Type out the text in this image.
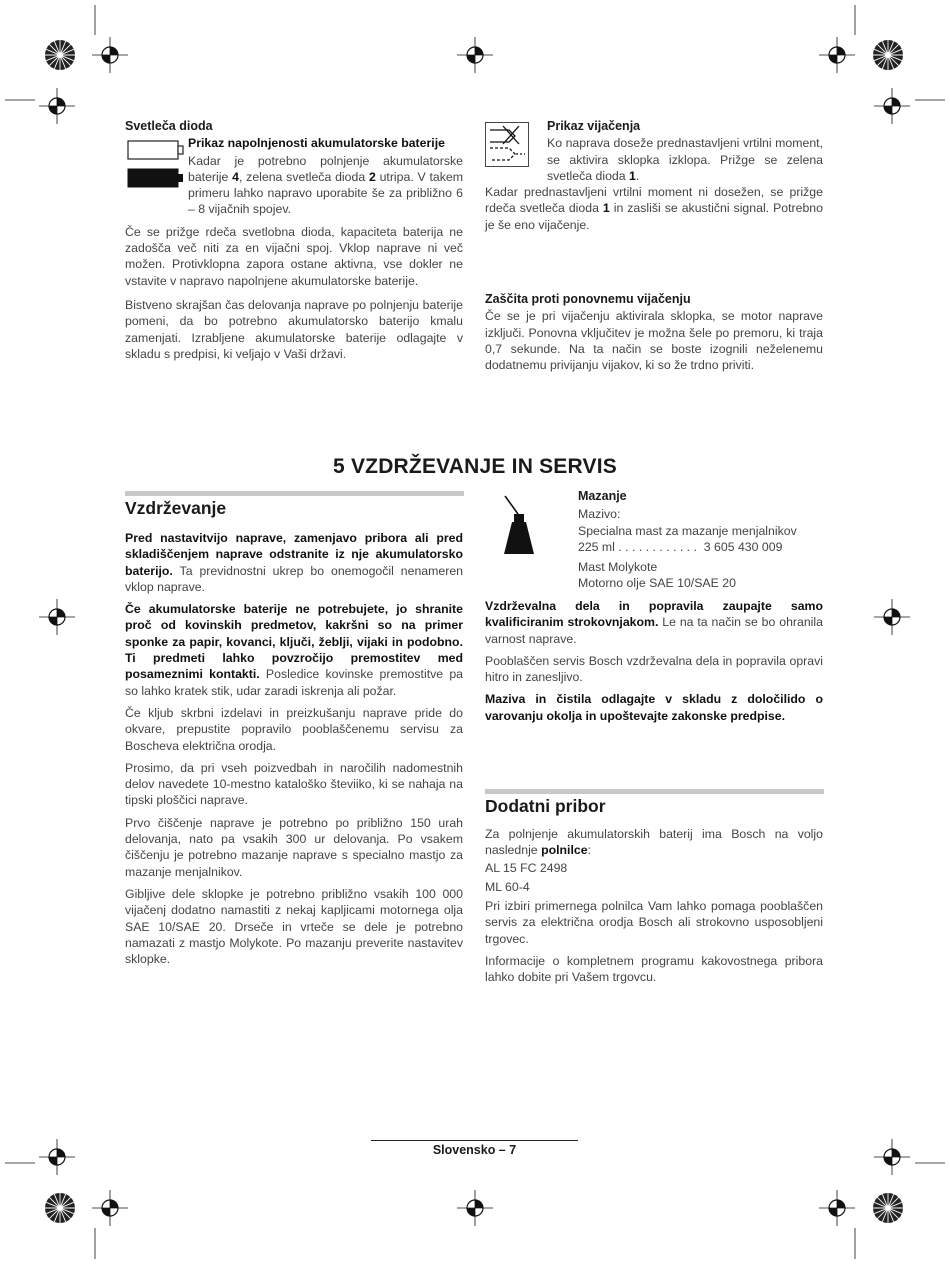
Svetleča dioda
Prikaz napolnjenosti akumulatorske baterije

Kadar je potrebno polnjenje akumulatorske baterije 4, zelena svetleča dioda 2 utripa. V takem primeru lahko napravo uporabite še za približno 6 – 8 vijačnih spojev.

Če se prižge rdeča svetlobna dioda, kapaciteta baterija ne zadošča več niti za en vijačni spoj. Vklop naprave ni več možen. Protivklopna zapora ostane aktivna, vse dokler ne vstavite v napravo napolnjene akumulatorske baterije.

Bistveno skrajšan čas delovanja naprave po polnjenju baterije pomeni, da bo potrebno akumulatorsko baterijo kmalu zamenjati. Izrabljene akumulatorske baterije odlagajte v skladu s predpisi, ki veljajo v Vaši državi.

Prikaz vijačenja

Ko naprava doseže prednastavljeni vrtilni moment, se aktivira sklopka izklopa. Prižge se zelena svetleča dioda 1.

Kadar prednastavljeni vrtilni moment ni dosežen, se prižge rdeča svetleča dioda 1 in zasliši se akustični signal. Potrebno je še eno vijačenje.

Zaščita proti ponovnemu vijačenju

Če se je pri vijačenju aktivirala sklopka, se motor naprave izključi. Ponovna vključitev je možna šele po premoru, ki traja 0,7 sekunde. Na ta način se boste izognili neželenemu dodatnemu privijanju vijakov, ki so že trdno priviti.

5 VZDRŽEVANJE IN SERVIS
Vzdrževanje

Pred nastavitvijo naprave, zamenjavo pribora ali pred skladiščenjem naprave odstranite iz nje akumulatorsko baterijo. Ta previdnostni ukrep bo onemogočil nenameren vklop naprave.

Če akumulatorske baterije ne potrebujete, jo shranite proč od kovinskih predmetov, kakršni so na primer sponke za papir, kovanci, ključi, žeblji, vijaki in podobno. Ti predmeti lahko povzročijo premostitev med posameznimi kontakti. Posledice kovinske premostitve pa so lahko kratek stik, udar zaradi iskrenja ali požar.

Če kljub skrbni izdelavi in preizkušanju naprave pride do okvare, prepustite popravilo pooblaščenemu servisu za Boscheva električna orodja.

Prosimo, da pri vseh poizvedbah in naročilih nadomestnih delov navedete 10-mestno kataloško števiiko, ki se nahaja na tipski ploščici naprave.

Prvo čiščenje naprave je potrebno po približno 150 urah delovanja, nato pa vsakih 300 ur delovanja. Po vsakem čiščenju je potrebno mazanje naprave s specialno mastjo za mazanje menjalnikov.

Gibljive dele sklopke je potrebno približno vsakih 100 000 vijačenj dodatno namastiti z nekaj kapljicami motornega olja SAE 10/SAE 20. Drseče in vrteče se dele je potrebno namazati z mastjo Molykote. Po mazanju preverite nastavitev sklopke.

Mazanje
Mazivo:
Specialna mast za mazanje menjalnikov
225 ml . . . . . . . . . . . . 3 605 430 009
Mast Molykote
Motorno olje SAE 10/SAE 20

Vzdrževalna dela in popravila zaupajte samo kvalificiranim strokovnjakom. Le na ta način se bo ohranila varnost naprave.

Pooblaščen servis Bosch vzdrževalna dela in popravila opravi hitro in zanesljivo.

Maziva in čistila odlagajte v skladu z določilido o varovanju okolja in upoštevajte zakonske predpise.

Dodatni pribor

Za polnjenje akumulatorskih baterij ima Bosch na voljo naslednje polnilce:

AL 15 FC 2498
ML 60-4

Pri izbiri primernega polnilca Vam lahko pomaga pooblaščen servis za električna orodja Bosch ali strokovno usposobljeni trgovec.

Informacije o kompletnem programu kakovostnega pribora lahko dobite pri Vašem trgovcu.

Slovensko – 7
